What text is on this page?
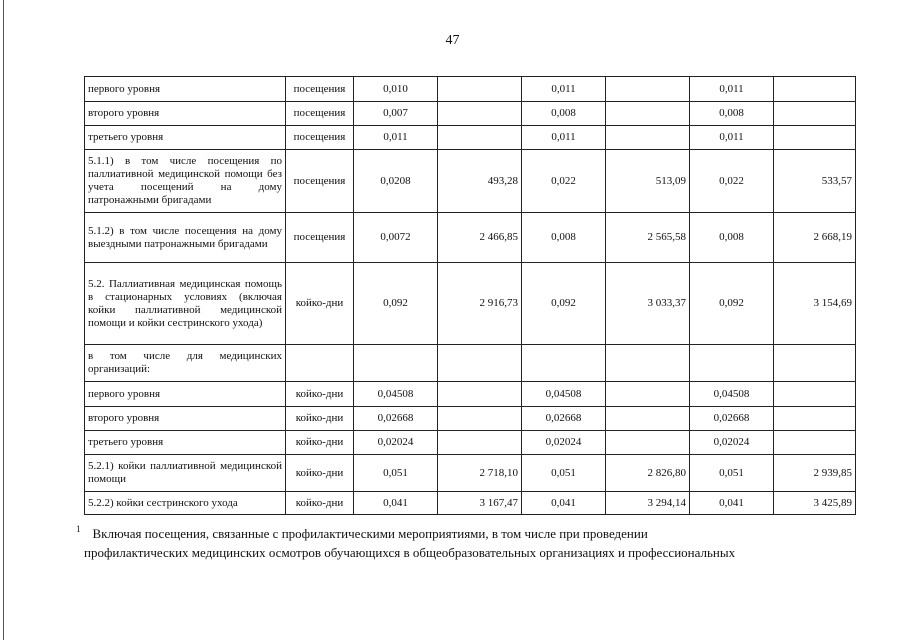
47
первого уровня	посещения	0,010		0,011		0,011	
второго уровня	посещения	0,007		0,008		0,008	
третьего уровня	посещения	0,011		0,011		0,011	
5.1.1) в том числе посещения по паллиативной медицинской помощи без учета посещений на дому патронажными бригадами	посещения	0,0208	493,28	0,022	513,09	0,022	533,57
5.1.2) в том числе посещения на дому выездными патронажными бригадами	посещения	0,0072	2 466,85	0,008	2 565,58	0,008	2 668,19
5.2. Паллиативная медицинская помощь в стационарных условиях (включая койки паллиативной медицинской помощи и койки сестринского ухода)	койко-дни	0,092	2 916,73	0,092	3 033,37	0,092	3 154,69
в том числе для медицинских организаций:							
первого уровня	койко-дни	0,04508		0,04508		0,04508	
второго уровня	койко-дни	0,02668		0,02668		0,02668	
третьего уровня	койко-дни	0,02024		0,02024		0,02024	
5.2.1) койки паллиативной медицинской помощи	койко-дни	0,051	2 718,10	0,051	2 826,80	0,051	2 939,85
5.2.2) койки сестринского ухода	койко-дни	0,041	3 167,47	0,041	3 294,14	0,041	3 425,89

$^1$ Включая посещения, связанные с профилактическими мероприятиями, в том числе при проведении

профилактических медицинских осмотров обучающихся в общеобразовательных организациях и профессиональных
